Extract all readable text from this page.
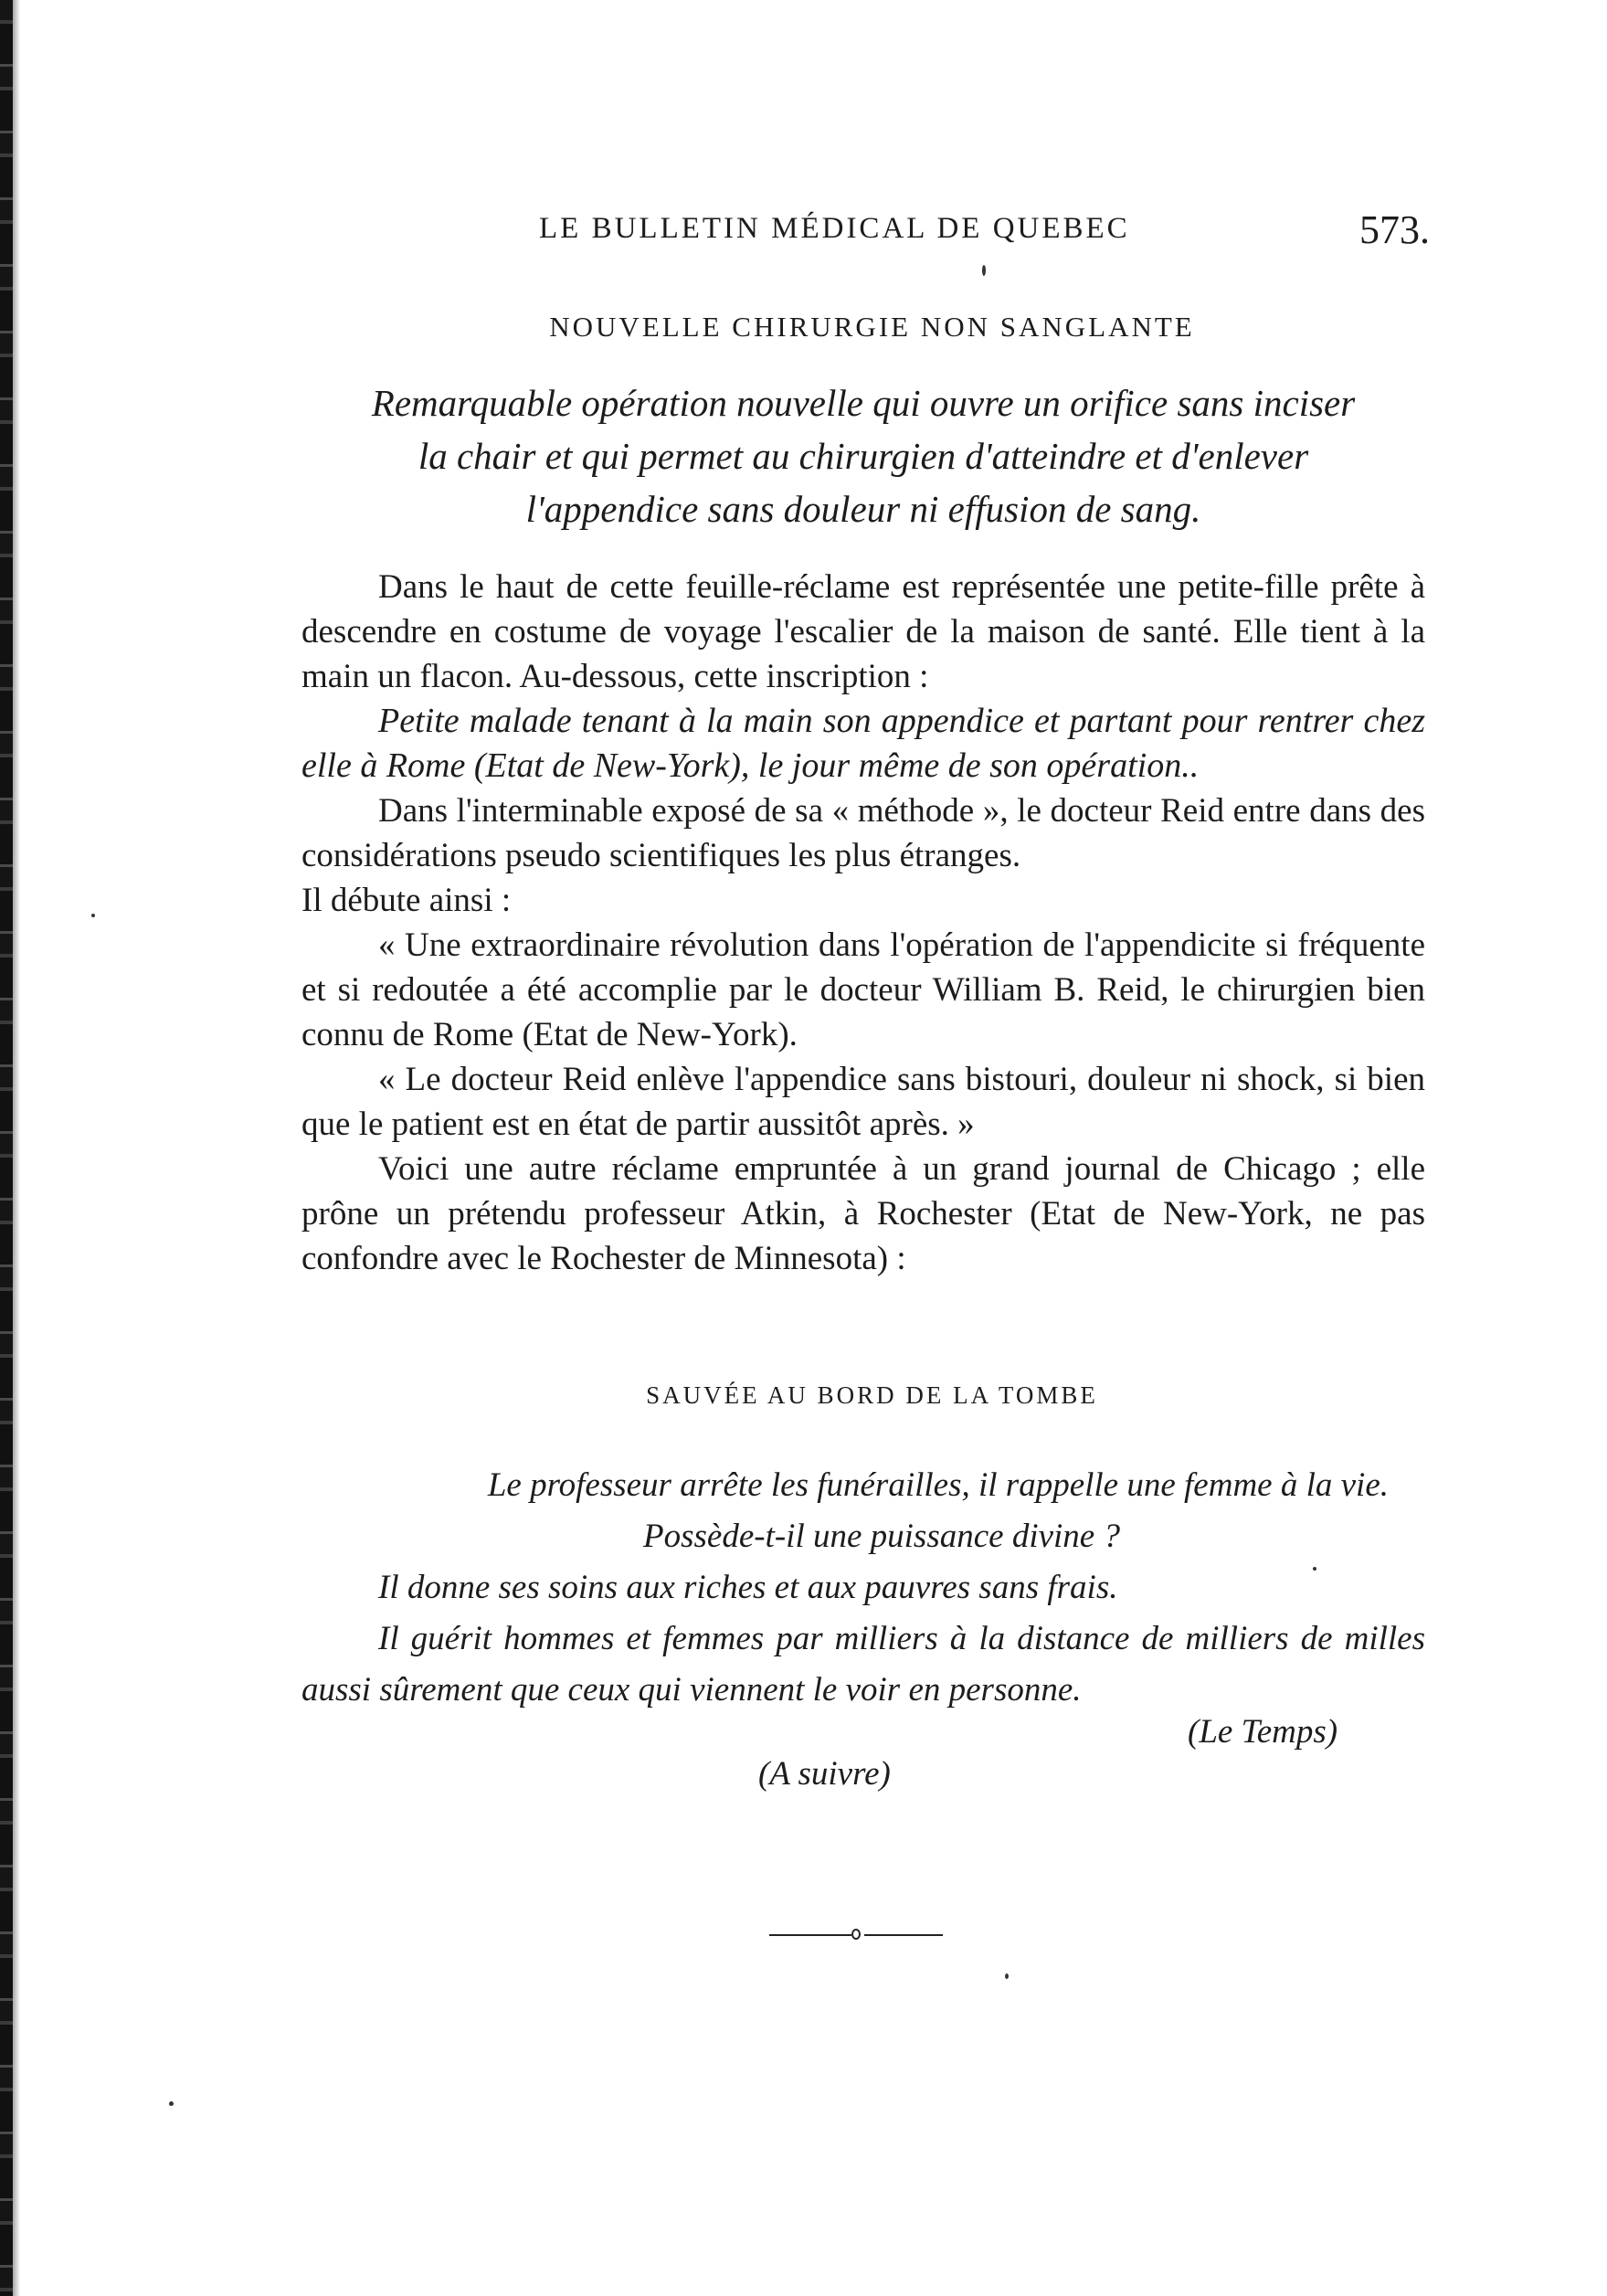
LE BULLETIN MÉDICAL DE QUEBEC	573.
NOUVELLE CHIRURGIE NON SANGLANTE
Remarquable opération nouvelle qui ouvre un orifice sans inciser
la chair et qui permet au chirurgien d'atteindre et d'enlever
l'appendice sans douleur ni effusion de sang.

Dans le haut de cette feuille-réclame est représentée une petite-fille prête à descendre en costume de voyage l'escalier de la maison de santé. Elle tient à la main un flacon. Au-dessous, cette inscription :

Petite malade tenant à la main son appendice et partant pour rentrer chez elle à Rome (Etat de New-York), le jour même de son opération..

Dans l'interminable exposé de sa « méthode », le docteur Reid entre dans des considérations pseudo scientifiques les plus étranges.

Il débute ainsi :

« Une extraordinaire révolution dans l'opération de l'appendicite si fréquente et si redoutée a été accomplie par le docteur William B. Reid, le chirurgien bien connu de Rome (Etat de New-York).

« Le docteur Reid enlève l'appendice sans bistouri, douleur ni shock, si bien que le patient est en état de partir aussitôt après. »

Voici une autre réclame empruntée à un grand journal de Chicago ; elle prône un prétendu professeur Atkin, à Rochester (Etat de New-York, ne pas confondre avec le Rochester de Minnesota) :

SAUVÉE AU BORD DE LA TOMBE

Le professeur arrête les funérailles, il rappelle une femme à la vie.

Possède-t-il une puissance divine ?

Il donne ses soins aux riches et aux pauvres sans frais.

Il guérit hommes et femmes par milliers à la distance de milliers de milles aussi sûrement que ceux qui viennent le voir en personne.

(Le Temps)
(A suivre)
